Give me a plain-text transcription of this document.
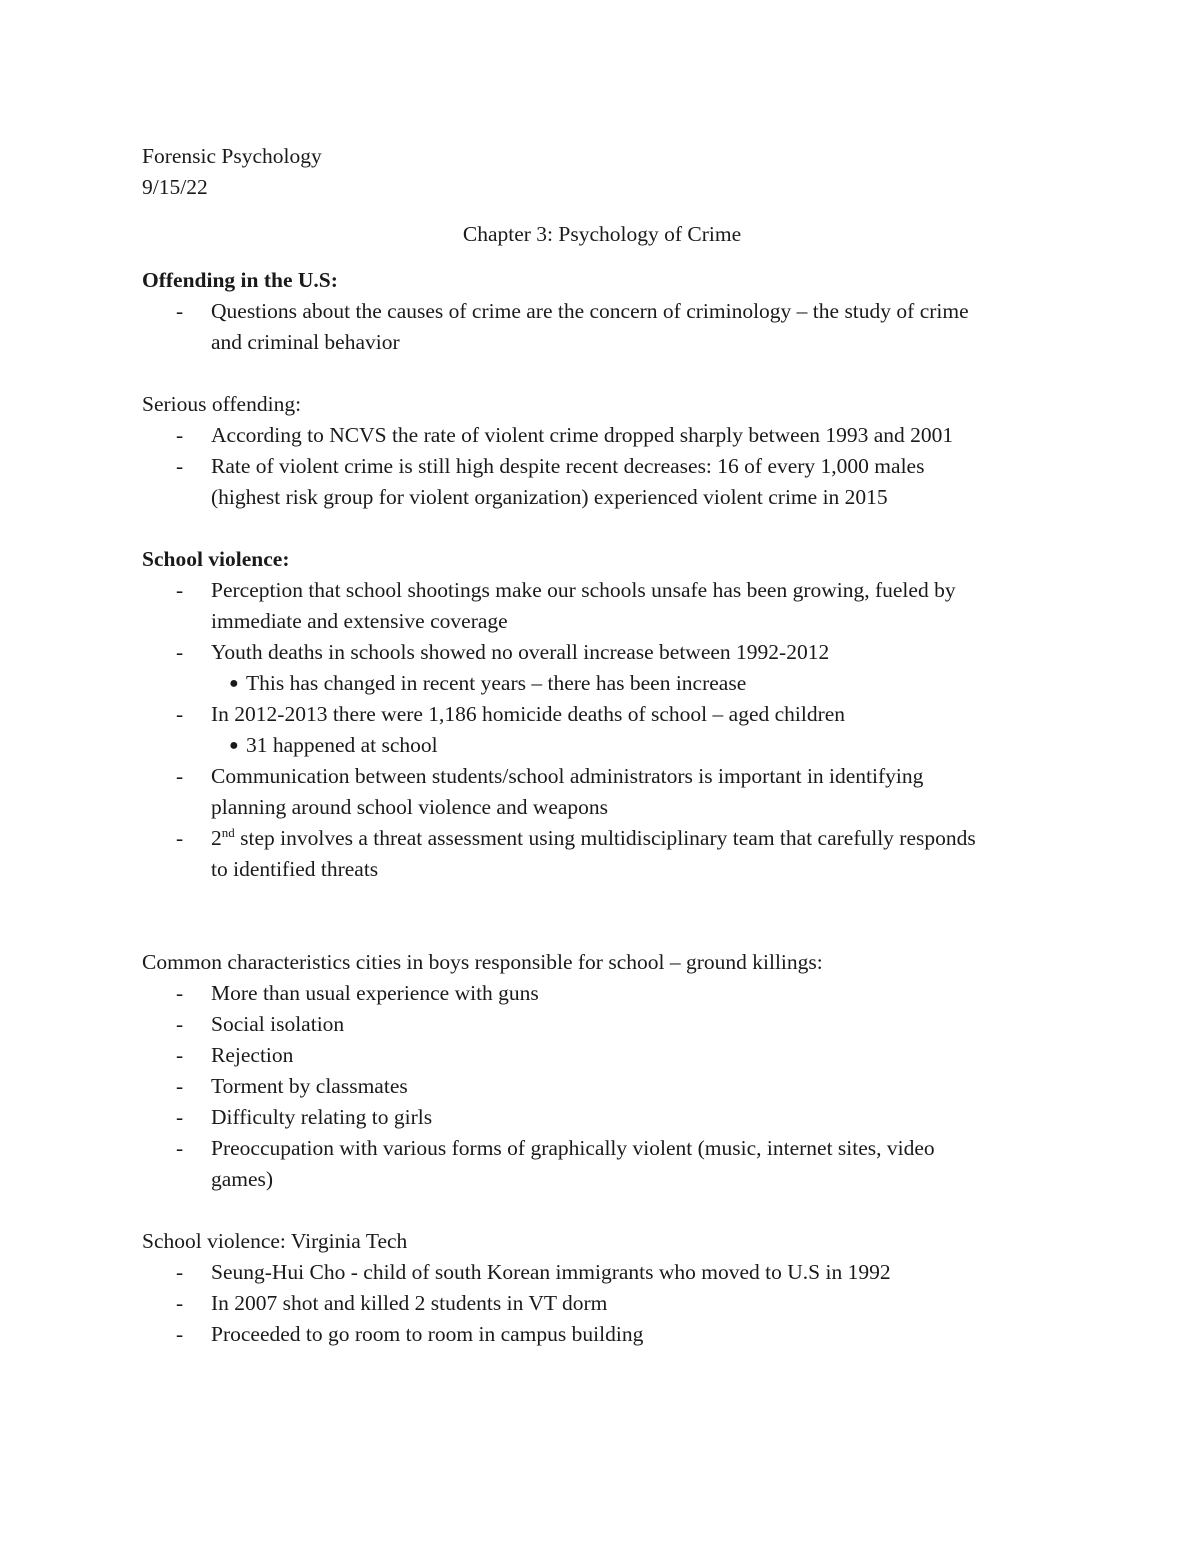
Forensic Psychology
9/15/22
Chapter 3: Psychology of Crime
Offending in the U.S:
- Questions about the causes of crime are the concern of criminology – the study of crime
and criminal behavior
Serious offending:
- According to NCVS the rate of violent crime dropped sharply between 1993 and 2001
- Rate of violent crime is still high despite recent decreases: 16 of every 1,000 males
(highest risk group for violent organization) experienced violent crime in 2015
School violence:
- Perception that school shootings make our schools unsafe has been growing, fueled by
immediate and extensive coverage
- Youth deaths in schools showed no overall increase between 1992-2012
● This has changed in recent years – there has been increase
- In 2012-2013 there were 1,186 homicide deaths of school – aged children
● 31 happened at school
- Communication between students/school administrators is important in identifying
planning around school violence and weapons
- 2nd step involves a threat assessment using multidisciplinary team that carefully responds
to identified threats
Common characteristics cities in boys responsible for school – ground killings:
- More than usual experience with guns
- Social isolation
- Rejection
- Torment by classmates
- Difficulty relating to girls
- Preoccupation with various forms of graphically violent (music, internet sites, video
games)
School violence: Virginia Tech
- Seung-Hui Cho - child of south Korean immigrants who moved to U.S in 1992
- In 2007 shot and killed 2 students in VT dorm
- Proceeded to go room to room in campus building
